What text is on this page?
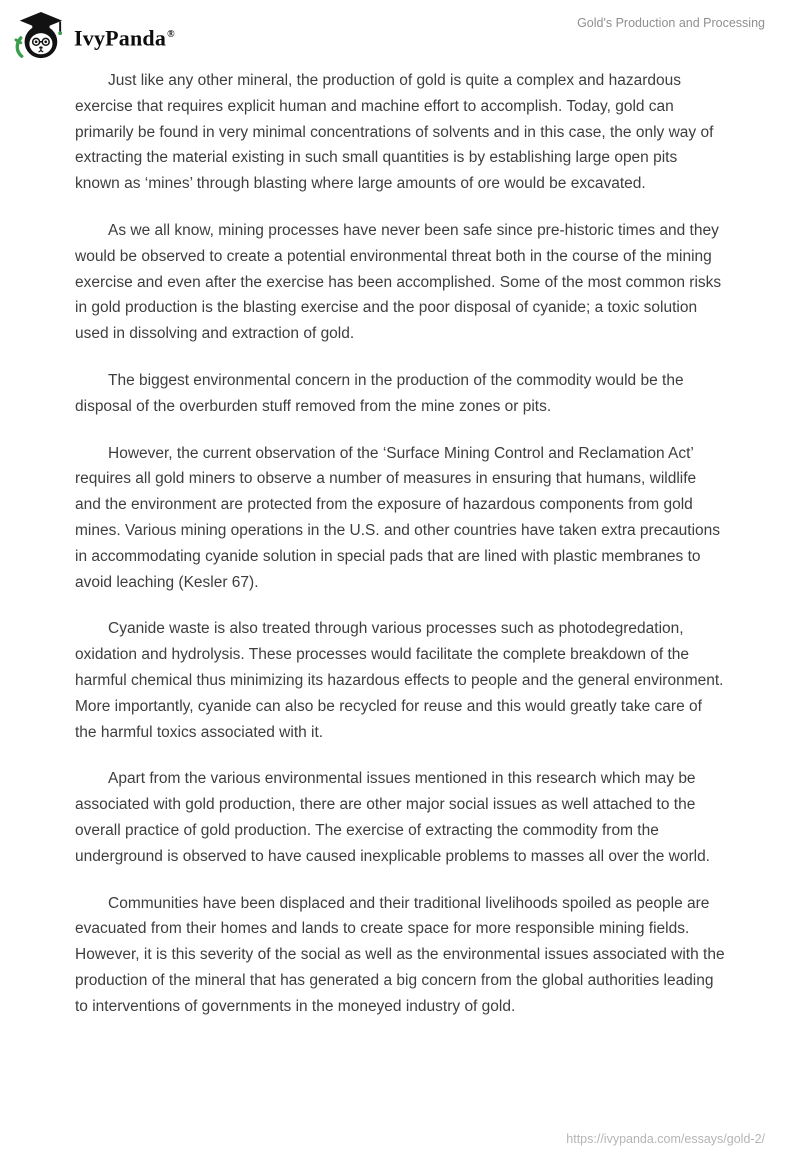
IvyPanda®
Gold's Production and Processing

Just like any other mineral, the production of gold is quite a complex and hazardous exercise that requires explicit human and machine effort to accomplish. Today, gold can primarily be found in very minimal concentrations of solvents and in this case, the only way of extracting the material existing in such small quantities is by establishing large open pits known as ‘mines’ through blasting where large amounts of ore would be excavated.

As we all know, mining processes have never been safe since pre-historic times and they would be observed to create a potential environmental threat both in the course of the mining exercise and even after the exercise has been accomplished. Some of the most common risks in gold production is the blasting exercise and the poor disposal of cyanide; a toxic solution used in dissolving and extraction of gold.

The biggest environmental concern in the production of the commodity would be the disposal of the overburden stuff removed from the mine zones or pits.

However, the current observation of the ‘Surface Mining Control and Reclamation Act’ requires all gold miners to observe a number of measures in ensuring that humans, wildlife and the environment are protected from the exposure of hazardous components from gold mines. Various mining operations in the U.S. and other countries have taken extra precautions in accommodating cyanide solution in special pads that are lined with plastic membranes to avoid leaching (Kesler 67).

Cyanide waste is also treated through various processes such as photodegredation, oxidation and hydrolysis. These processes would facilitate the complete breakdown of the harmful chemical thus minimizing its hazardous effects to people and the general environment. More importantly, cyanide can also be recycled for reuse and this would greatly take care of the harmful toxics associated with it.

Apart from the various environmental issues mentioned in this research which may be associated with gold production, there are other major social issues as well attached to the overall practice of gold production. The exercise of extracting the commodity from the underground is observed to have caused inexplicable problems to masses all over the world.

Communities have been displaced and their traditional livelihoods spoiled as people are evacuated from their homes and lands to create space for more responsible mining fields. However, it is this severity of the social as well as the environmental issues associated with the production of the mineral that has generated a big concern from the global authorities leading to interventions of governments in the moneyed industry of gold.

https://ivypanda.com/essays/gold-2/
